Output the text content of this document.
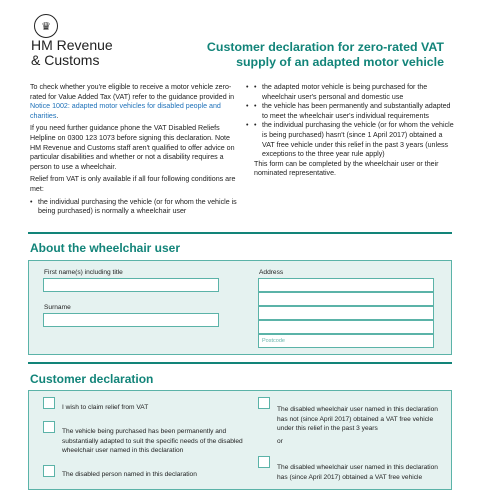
♛
HM Revenue
& Customs
Customer declaration for zero-rated VAT
supply of an adapted motor vehicle

To check whether you're eligible to receive a motor vehicle zero-rated for Value Added Tax (VAT) refer to the guidance provided in Notice 1002: adapted motor vehicles for disabled people and charities.

If you need further guidance phone the VAT Disabled Reliefs Helpline on 0300 123 1073 before signing this declaration. Note HM Revenue and Customs staff aren't qualified to offer advice on particular disabilities and whether or not a disability requires a person to use a wheelchair.

Relief from VAT is only available if all four following conditions are met:

• the individual purchasing the vehicle (or for whom the vehicle is being purchased) is normally a wheelchair user
• • the adapted motor vehicle is being purchased for the wheelchair user's personal and domestic use
• • the vehicle has been permanently and substantially adapted to meet the wheelchair user's individual requirements
• • the individual purchasing the vehicle (or for whom the vehicle is being purchased) hasn't (since 1 April 2017) obtained a VAT free vehicle under this relief in the past 3 years (unless exceptions to the three year rule apply)

This form can be completed by the wheelchair user or their nominated representative.

About the wheelchair user
First name(s) including title
Surname
Address
Postcode
Customer declaration
I wish to claim relief from VAT
The vehicle being purchased has been permanently and substantially adapted to suit the specific needs of the disabled wheelchair user named in this declaration
The disabled person named in this declaration
The disabled wheelchair user named in this declaration has not (since April 2017) obtained a VAT free vehicle under this relief in the past 3 years
or
The disabled wheelchair user named in this declaration has (since April 2017) obtained a VAT free vehicle
